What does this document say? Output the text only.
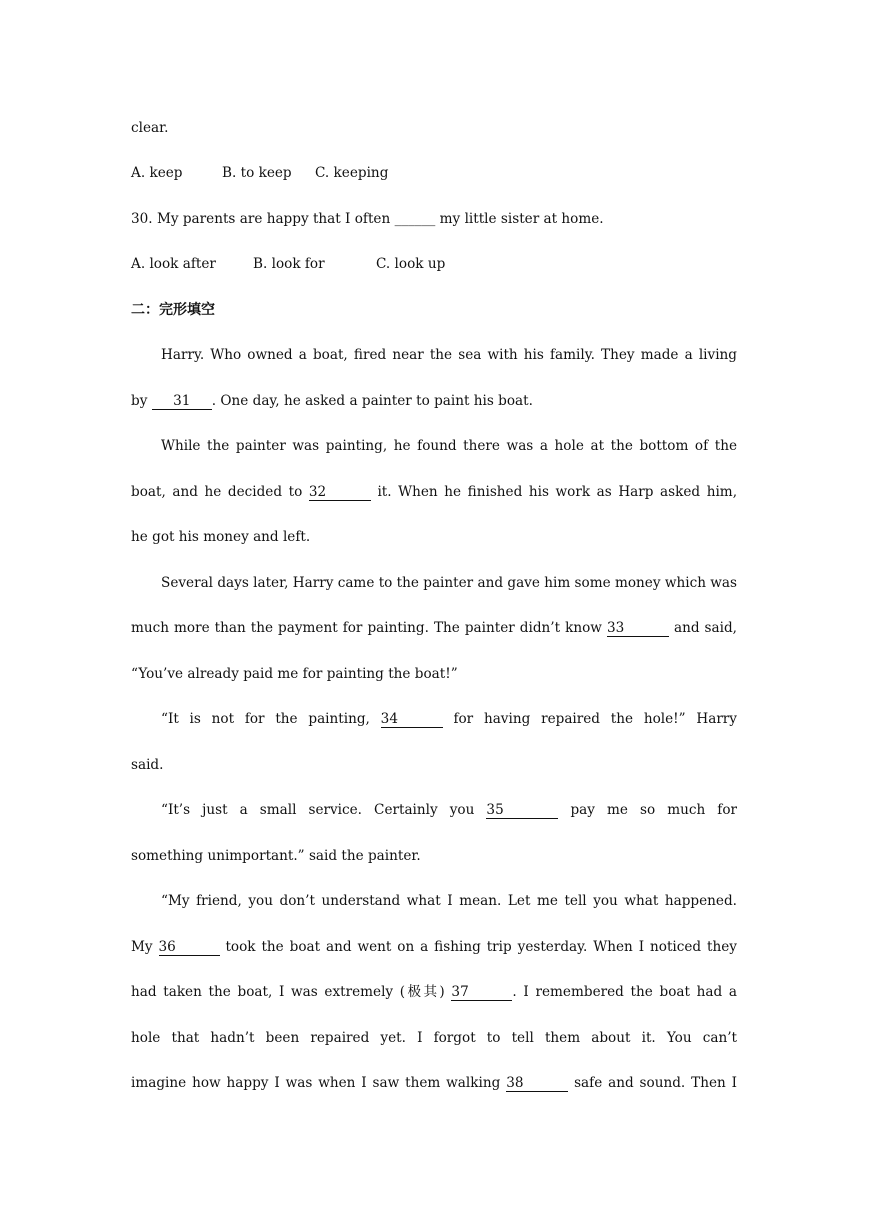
clear.
A. keep	B. to keep C. keeping
30. My parents are happy that I often ______ my little sister at home.
A. look after	B. look for	C. look up
二：完形填空
Harry. Who owned a boat, fired near the sea with his family. They made a living
by 31 . One day, he asked a painter to paint his boat.
While the painter was painting, he found there was a hole at the bottom of the
boat, and he decided to 32	it. When he finished his work as Harp asked him,
he got his money and left.
Several days later, Harry came to the painter and gave him some money which was
much more than the payment for painting. The painter didn’t know 33	and said,
“You’ve already paid me for painting the boat!”
“It is not for the painting, 34	for having repaired the hole!” Harry
said.
“It’s just a small service. Certainly you 35	pay me so much for
something unimportant.” said the painter.
“My friend, you don’t understand what I mean. Let me tell you what happened.
My 36	took the boat and went on a fishing trip yesterday. When I noticed they
had taken the boat, I was extremely (极其) 37	. I remembered the boat had a
hole that hadn’t been repaired yet. I forgot to tell them about it. You can’t
imagine how happy I was when I saw them walking 38	safe and sound. Then I
